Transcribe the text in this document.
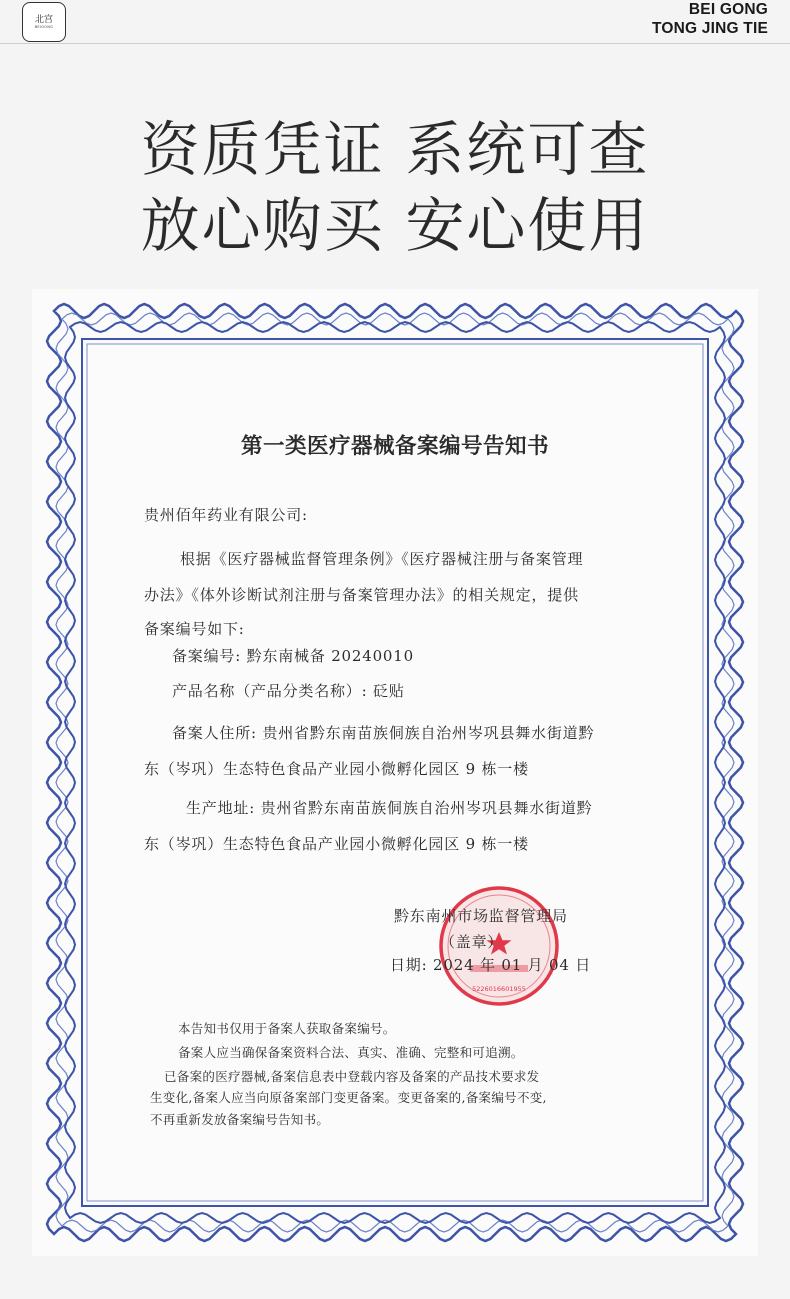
北宫
BEIGONG
BEI GONG
TONG JING TIE
资质凭证 系统可查
放心购买 安心使用
第一类医疗器械备案编号告知书
贵州佰年药业有限公司:
根据《医疗器械监督管理条例》《医疗器械注册与备案管理
办法》《体外诊断试剂注册与备案管理办法》的相关规定，提供
备案编号如下:
备案编号: 黔东南械备 20240010
产品名称（产品分类名称）: 砭贴
备案人住所: 贵州省黔东南苗族侗族自治州岑巩县舞水街道黔
东（岑巩）生态特色食品产业园小微孵化园区 9 栋一楼
生产地址: 贵州省黔东南苗族侗族自治州岑巩县舞水街道黔
东（岑巩）生态特色食品产业园小微孵化园区 9 栋一楼
5226016601955
黔东南州市场监督管理局
（盖章）
日期: 2024 年 01 月 04 日
本告知书仅用于备案人获取备案编号。
备案人应当确保备案资料合法、真实、准确、完整和可追溯。
已备案的医疗器械,备案信息表中登载内容及备案的产品技术要求发
生变化,备案人应当向原备案部门变更备案。变更备案的,备案编号不变,
不再重新发放备案编号告知书。
